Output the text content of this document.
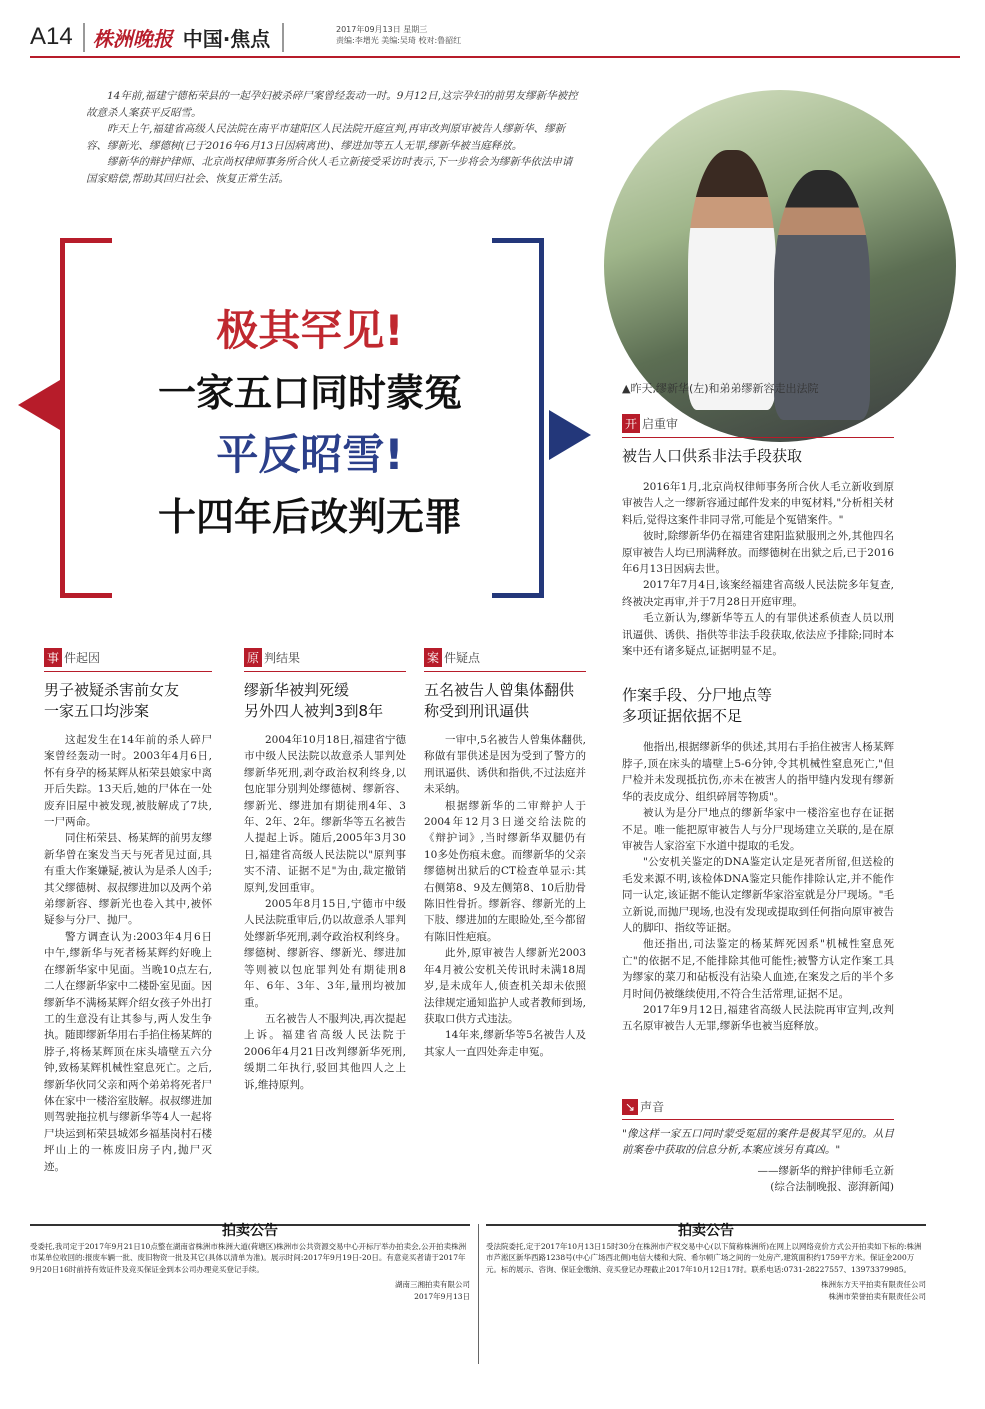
A14	株洲晚报 中国·焦点	2017年09月13日 星期三
责编:李增光 美编:吴琦 校对:鲁韶红

14年前,福建宁德柘荣县的一起孕妇被杀碎尸案曾经轰动一时。9月12日,这宗孕妇的前男友缪新华被控故意杀人案获平反昭雪。

昨天上午,福建省高级人民法院在南平市建阳区人民法院开庭宣判,再审改判原审被告人缪新华、缪新容、缪新光、缪德树(已于2016年6月13日因病离世)、缪进加等五人无罪,缪新华被当庭释放。

缪新华的辩护律师、北京尚权律师事务所合伙人毛立新接受采访时表示,下一步将会为缪新华依法申请国家赔偿,帮助其回归社会、恢复正常生活。

▲昨天,缪新华(左)和弟弟缪新容走出法院
极其罕见!
一家五口同时蒙冤
平反昭雪!
十四年后改判无罪
事 件起因
男子被疑杀害前女友
一家五口均涉案

这起发生在14年前的杀人碎尸案曾经轰动一时。2003年4月6日,怀有身孕的杨某辉从柘荣县娘家中离开后失踪。13天后,她的尸体在一处废弃旧屋中被发现,被肢解成了7块,一尸两命。

同住柘荣县、杨某辉的前男友缪新华曾在案发当天与死者见过面,具有重大作案嫌疑,被认为是杀人凶手;其父缪德树、叔叔缪进加以及两个弟弟缪新容、缪新光也卷入其中,被怀疑参与分尸、抛尸。

警方调查认为:2003年4月6日中午,缪新华与死者杨某辉约好晚上在缪新华家中见面。当晚10点左右,二人在缪新华家中二楼卧室见面。因缪新华不满杨某辉介绍女孩子外出打工的生意没有让其参与,两人发生争执。随即缪新华用右手掐住杨某辉的脖子,将杨某辉顶在床头墙壁五六分钟,致杨某辉机械性窒息死亡。之后,缪新华伙同父亲和两个弟弟将死者尸体在家中一楼浴室肢解。叔叔缪进加则驾驶拖拉机与缪新华等4人一起将尸块运到柘荣县城郊乡福基岗村石楼坪山上的一栋废旧房子内,抛尸灭迹。

原 判结果
缪新华被判死缓
另外四人被判3到8年

2004年10月18日,福建省宁德市中级人民法院以故意杀人罪判处缪新华死刑,剥夺政治权利终身,以包庇罪分别判处缪德树、缪新容、缪新光、缪进加有期徒刑4年、3年、2年、2年。缪新华等五名被告人提起上诉。随后,2005年3月30日,福建省高级人民法院以"原判事实不清、证据不足"为由,裁定撤销原判,发回重审。

2005年8月15日,宁德市中级人民法院重审后,仍以故意杀人罪判处缪新华死刑,剥夺政治权利终身。缪德树、缪新容、缪新光、缪进加等则被以包庇罪判处有期徒刑8年、6年、3年、3年,量刑均被加重。

五名被告人不服判决,再次提起上诉。福建省高级人民法院于2006年4月21日改判缪新华死刑,缓期二年执行,驳回其他四人之上诉,维持原判。

案 件疑点
五名被告人曾集体翻供
称受到刑讯逼供

一审中,5名被告人曾集体翻供,称做有罪供述是因为受到了警方的刑讯逼供、诱供和指供,不过法庭并未采纳。

根据缪新华的二审辩护人于2004年12月3日递交给法院的《辩护词》,当时缪新华双腿仍有10多处伤痕未愈。而缪新华的父亲缪德树出狱后的CT检查单显示:其右侧第8、9及左侧第8、10后肋骨陈旧性骨折。缪新容、缪新光的上下肢、缪进加的左眼睑处,至今都留有陈旧性疤痕。

此外,原审被告人缪新光2003年4月被公安机关传讯时未满18周岁,是未成年人,侦查机关却未依照法律规定通知监护人或者教师到场,获取口供方式违法。

14年来,缪新华等5名被告人及其家人一直四处奔走申冤。

开 启重审
被告人口供系非法手段获取

2016年1月,北京尚权律师事务所合伙人毛立新收到原审被告人之一缪新容通过邮件发来的申冤材料,"分析相关材料后,觉得这案件非同寻常,可能是个冤错案件。"

彼时,除缪新华仍在福建省建阳监狱服刑之外,其他四名原审被告人均已刑满释放。而缪德树在出狱之后,已于2016年6月13日因病去世。

2017年7月4日,该案经福建省高级人民法院多年复查,终被决定再审,并于7月28日开庭审理。

毛立新认为,缪新华等五人的有罪供述系侦查人员以刑讯逼供、诱供、指供等非法手段获取,依法应予排除;同时本案中还有诸多疑点,证据明显不足。

作案手段、分尸地点等
多项证据依据不足

他指出,根据缪新华的供述,其用右手掐住被害人杨某辉脖子,顶在床头的墙壁上5-6分钟,令其机械性窒息死亡,"但尸检并未发现抵抗伤,亦未在被害人的指甲缝内发现有缪新华的表皮成分、组织碎屑等物质"。

被认为是分尸地点的缪新华家中一楼浴室也存在证据不足。唯一能把原审被告人与分尸现场建立关联的,是在原审被告人家浴室下水道中提取的毛发。

"公安机关鉴定的DNA鉴定认定是死者所留,但送检的毛发来源不明,该检体DNA鉴定只能作排除认定,并不能作同一认定,该证据不能认定缪新华家浴室就是分尸现场。"毛立新说,而抛尸现场,也没有发现或提取到任何指向原审被告人的脚印、指纹等证据。

他还指出,司法鉴定的杨某辉死因系"机械性窒息死亡"的依据不足,不能排除其他可能性;被警方认定作案工具为缪家的菜刀和砧板没有沾染人血迹,在案发之后的半个多月时间仍被继续使用,不符合生活常理,证据不足。

2017年9月12日,福建省高级人民法院再审宣判,改判五名原审被告人无罪,缪新华也被当庭释放。

↘ 声音
"像这样一家五口同时蒙受冤屈的案件是极其罕见的。从目前案卷中获取的信息分析,本案应该另有真凶。"
——缪新华的辩护律师毛立新
(综合法制晚报、澎湃新闻)
拍卖公告
受委托,我司定于2017年9月21日10点整在湖南省株洲市株洲大道(荷塘区)株洲市公共资源交易中心开标厅举办拍卖会,公开拍卖株洲市某单位收回的:报废车辆一批、废旧物资一批及其它(具体以清单为准)。展示时间:2017年9月19日-20日。有意竞买者请于2017年9月20日16时前持有效证件及竞买保证金到本公司办理竞买登记手续。
湖南三湘拍卖有限公司
2017年9月13日
拍卖公告
受法院委托,定于2017年10月13日15时30分在株洲市产权交易中心(以下简称株洲所)在网上以网络竞价方式公开拍卖如下标的:株洲市芦淞区新华西路1238号(中心广场西北侧)电信大楼和大院、希尔顿广场之间的一处房产,建筑面积约1759平方米。保证金200万元。标的展示、咨询、保证金缴纳、竞买登记办理截止2017年10月12日17时。联系电话:0731-28227557、13973379985。
株洲东方天平拍卖有限责任公司
株洲市荣誉拍卖有限责任公司
